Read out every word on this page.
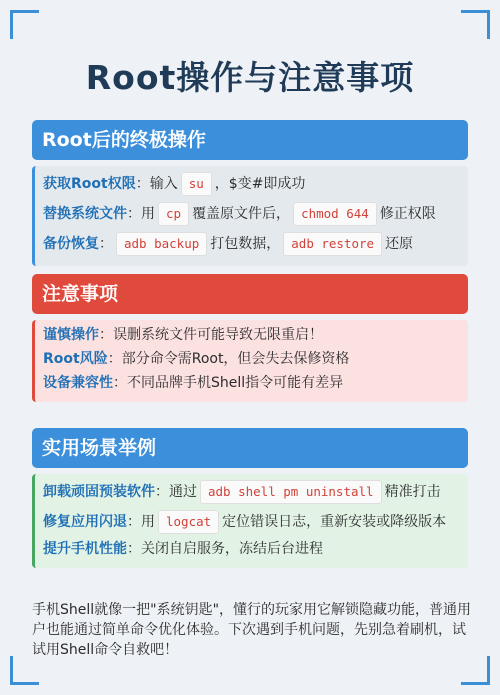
Root操作与注意事项
Root后的终极操作
获取Root权限：输入 su ，$变#即成功
替换系统文件：用 cp 覆盖原文件后， chmod 644 修正权限
备份恢复： adb backup 打包数据， adb restore 还原
注意事项
谨慎操作：误删系统文件可能导致无限重启！
Root风险：部分命令需Root，但会失去保修资格
设备兼容性：不同品牌手机Shell指令可能有差异
实用场景举例
卸载顽固预装软件：通过 adb shell pm uninstall 精准打击
修复应用闪退：用 logcat 定位错误日志，重新安装或降级版本
提升手机性能：关闭自启服务，冻结后台进程
手机Shell就像一把"系统钥匙"，懂行的玩家用它解锁隐藏功能，普通用户也能通过简单命令优化体验。下次遇到手机问题，先别急着刷机，试试用Shell命令自救吧！
